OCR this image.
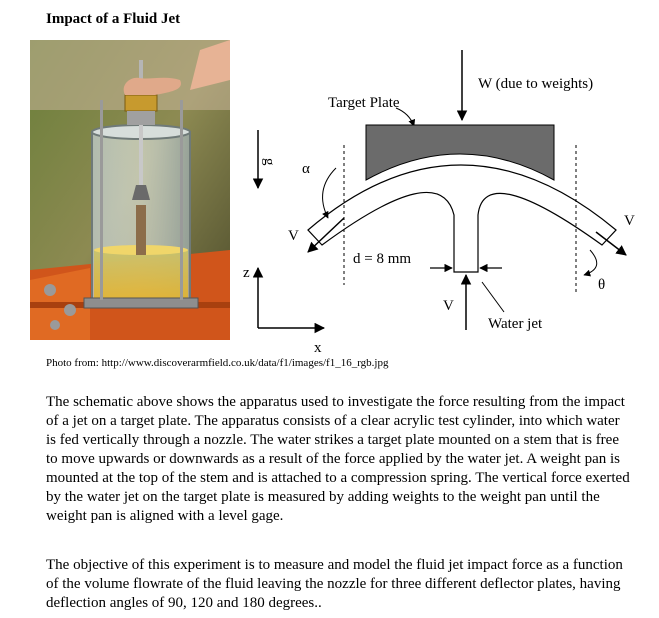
Impact of a Fluid Jet
W (due to weights)
Target Plate
g α
V
V
θ
d = 8 mm
V
Water jet
z
x
Photo from: http://www.discoverarmfield.co.uk/data/f1/images/f1_16_rgb.jpg

The schematic above shows the apparatus used to investigate the force resulting from the impact of a jet on a target plate. The apparatus consists of a clear acrylic test cylinder, into which water is fed vertically through a nozzle. The water strikes a target plate mounted on a stem that is free to move upwards or downwards as a result of the force applied by the water jet. A weight pan is mounted at the top of the stem and is attached to a compression spring. The vertical force exerted by the water jet on the target plate is measured by adding weights to the weight pan until the weight pan is aligned with a level gage.

The objective of this experiment is to measure and model the fluid jet impact force as a function of the volume flowrate of the fluid leaving the nozzle for three different deflector plates, having deflection angles of 90, 120 and 180 degrees..
